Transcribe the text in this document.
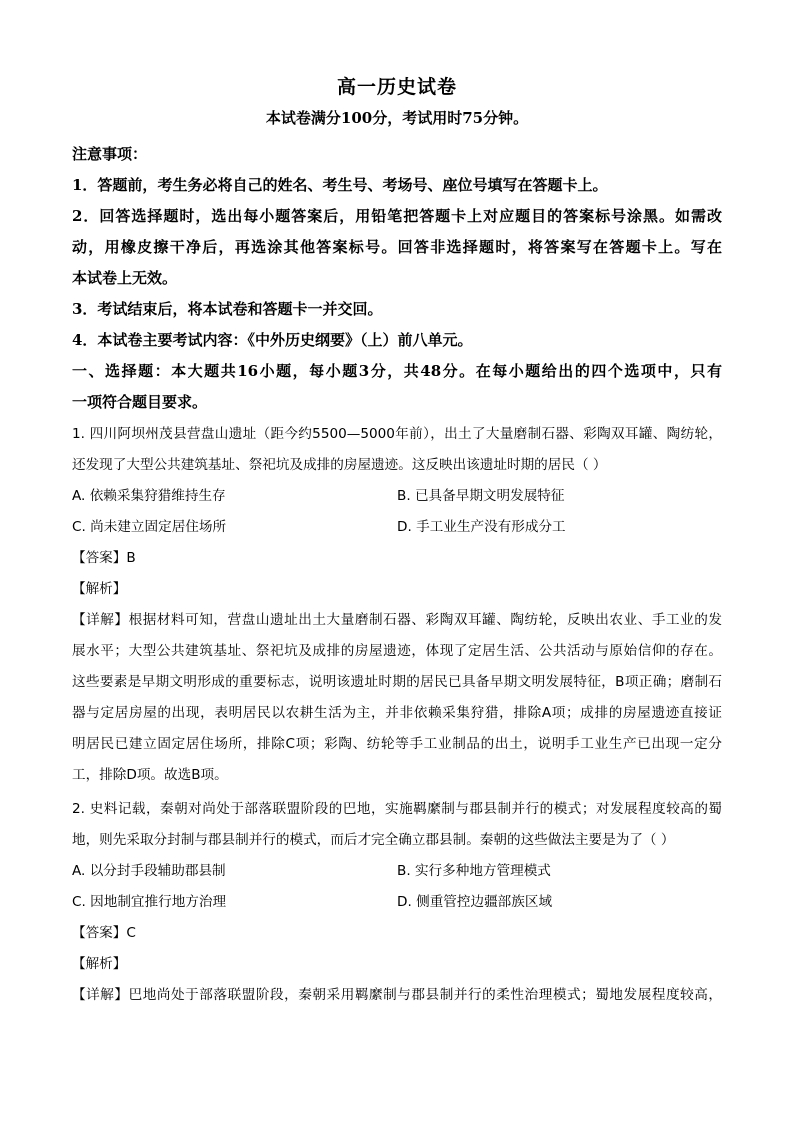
高一历史试卷
本试卷满分100分，考试用时75分钟。
注意事项：
1．答题前，考生务必将自己的姓名、考生号、考场号、座位号填写在答题卡上。
2．回答选择题时，选出每小题答案后，用铅笔把答题卡上对应题目的答案标号涂黑。如需改
动，用橡皮擦干净后，再选涂其他答案标号。回答非选择题时，将答案写在答题卡上。写在
本试卷上无效。
3．考试结束后，将本试卷和答题卡一并交回。
4．本试卷主要考试内容：《中外历史纲要》（上）前八单元。
一、选择题：本大题共16小题，每小题3分，共48分。在每小题给出的四个选项中，只有
一项符合题目要求。
1. 四川阿坝州茂县营盘山遗址（距今约5500—5000年前），出土了大量磨制石器、彩陶双耳罐、陶纺轮，
还发现了大型公共建筑基址、祭祀坑及成排的房屋遗迹。这反映出该遗址时期的居民（ ）
A. 依赖采集狩猎维持生存	B. 已具备早期文明发展特征
C. 尚未建立固定居住场所	D. 手工业生产没有形成分工
【答案】B
【解析】
【详解】根据材料可知，营盘山遗址出土大量磨制石器、彩陶双耳罐、陶纺轮，反映出农业、手工业的发
展水平；大型公共建筑基址、祭祀坑及成排的房屋遗迹，体现了定居生活、公共活动与原始信仰的存在。
这些要素是早期文明形成的重要标志，说明该遗址时期的居民已具备早期文明发展特征，B项正确；磨制石
器与定居房屋的出现，表明居民以农耕生活为主，并非依赖采集狩猎，排除A项；成排的房屋遗迹直接证
明居民已建立固定居住场所，排除C项；彩陶、纺轮等手工业制品的出土，说明手工业生产已出现一定分
工，排除D项。故选B项。
2. 史料记载，秦朝对尚处于部落联盟阶段的巴地，实施羁縻制与郡县制并行的模式；对发展程度较高的蜀
地，则先采取分封制与郡县制并行的模式，而后才完全确立郡县制。秦朝的这些做法主要是为了（ ）
A. 以分封手段辅助郡县制	B. 实行多种地方管理模式
C. 因地制宜推行地方治理	D. 侧重管控边疆部族区域
【答案】C
【解析】
【详解】巴地尚处于部落联盟阶段，秦朝采用羁縻制与郡县制并行的柔性治理模式；蜀地发展程度较高，
